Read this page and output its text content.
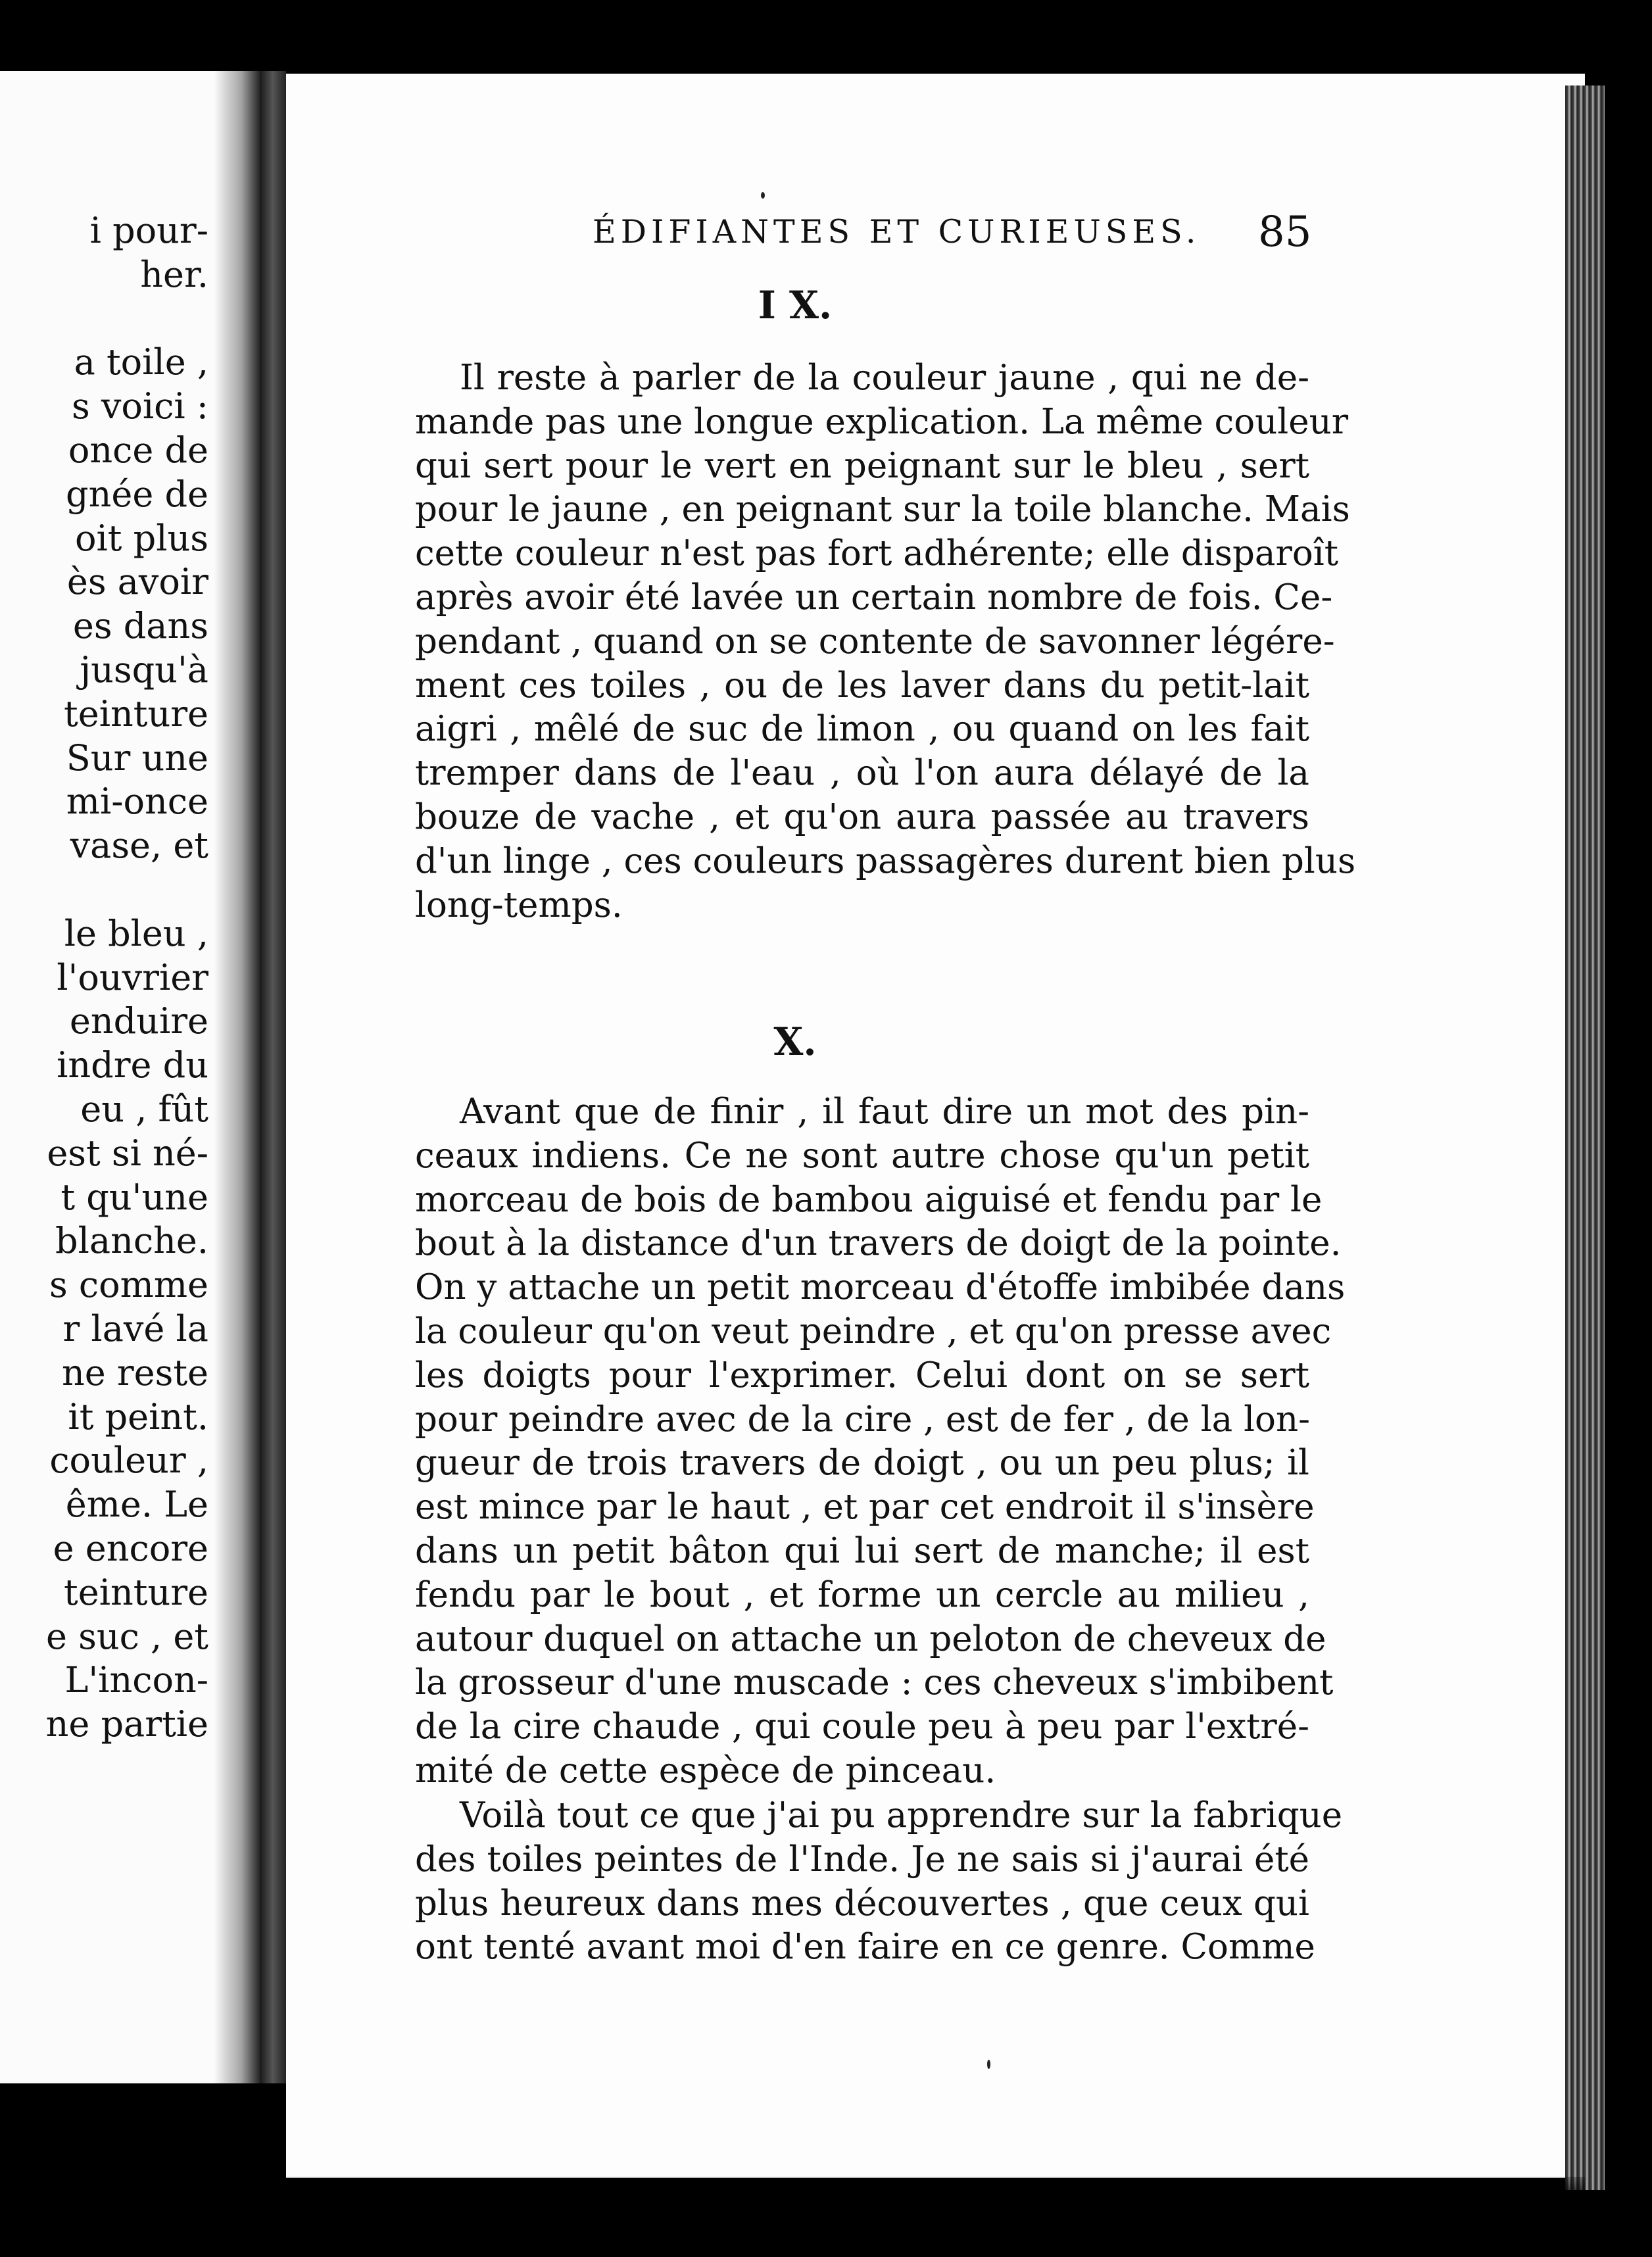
i pour-
her.
a toile ,
s voici :
once de
gnée de
oit plus
ès avoir
es dans
jusqu'à
teinture
Sur une
mi-once
vase, et
le bleu ,
l'ouvrier
enduire
indre du
eu , fût
est si né-
t qu'une
blanche.
s comme
r lavé la
ne reste
it peint.
couleur ,
ême. Le
e encore
teinture
e suc , et
L'incon-
ne partie
ÉDIFIANTES ET CURIEUSES. 85
I X.
Il reste à parler de la couleur jaune , qui ne de-
mande pas une longue explication. La même couleur
qui sert pour le vert en peignant sur le bleu , sert
pour le jaune , en peignant sur la toile blanche. Mais
cette couleur n'est pas fort adhérente; elle disparoît
après avoir été lavée un certain nombre de fois. Ce-
pendant , quand on se contente de savonner légére-
ment ces toiles , ou de les laver dans du petit-lait
aigri , mêlé de suc de limon , ou quand on les fait
tremper dans de l'eau , où l'on aura délayé de la
bouze de vache , et qu'on aura passée au travers
d'un linge , ces couleurs passagères durent bien plus
long-temps.
X.
Avant que de finir , il faut dire un mot des pin-
ceaux indiens. Ce ne sont autre chose qu'un petit
morceau de bois de bambou aiguisé et fendu par le
bout à la distance d'un travers de doigt de la pointe.
On y attache un petit morceau d'étoffe imbibée dans
la couleur qu'on veut peindre , et qu'on presse avec
les doigts pour l'exprimer. Celui dont on se sert
pour peindre avec de la cire , est de fer , de la lon-
gueur de trois travers de doigt , ou un peu plus; il
est mince par le haut , et par cet endroit il s'insère
dans un petit bâton qui lui sert de manche; il est
fendu par le bout , et forme un cercle au milieu ,
autour duquel on attache un peloton de cheveux de
la grosseur d'une muscade : ces cheveux s'imbibent
de la cire chaude , qui coule peu à peu par l'extré-
mité de cette espèce de pinceau.
Voilà tout ce que j'ai pu apprendre sur la fabrique
des toiles peintes de l'Inde. Je ne sais si j'aurai été
plus heureux dans mes découvertes , que ceux qui
ont tenté avant moi d'en faire en ce genre. Comme
